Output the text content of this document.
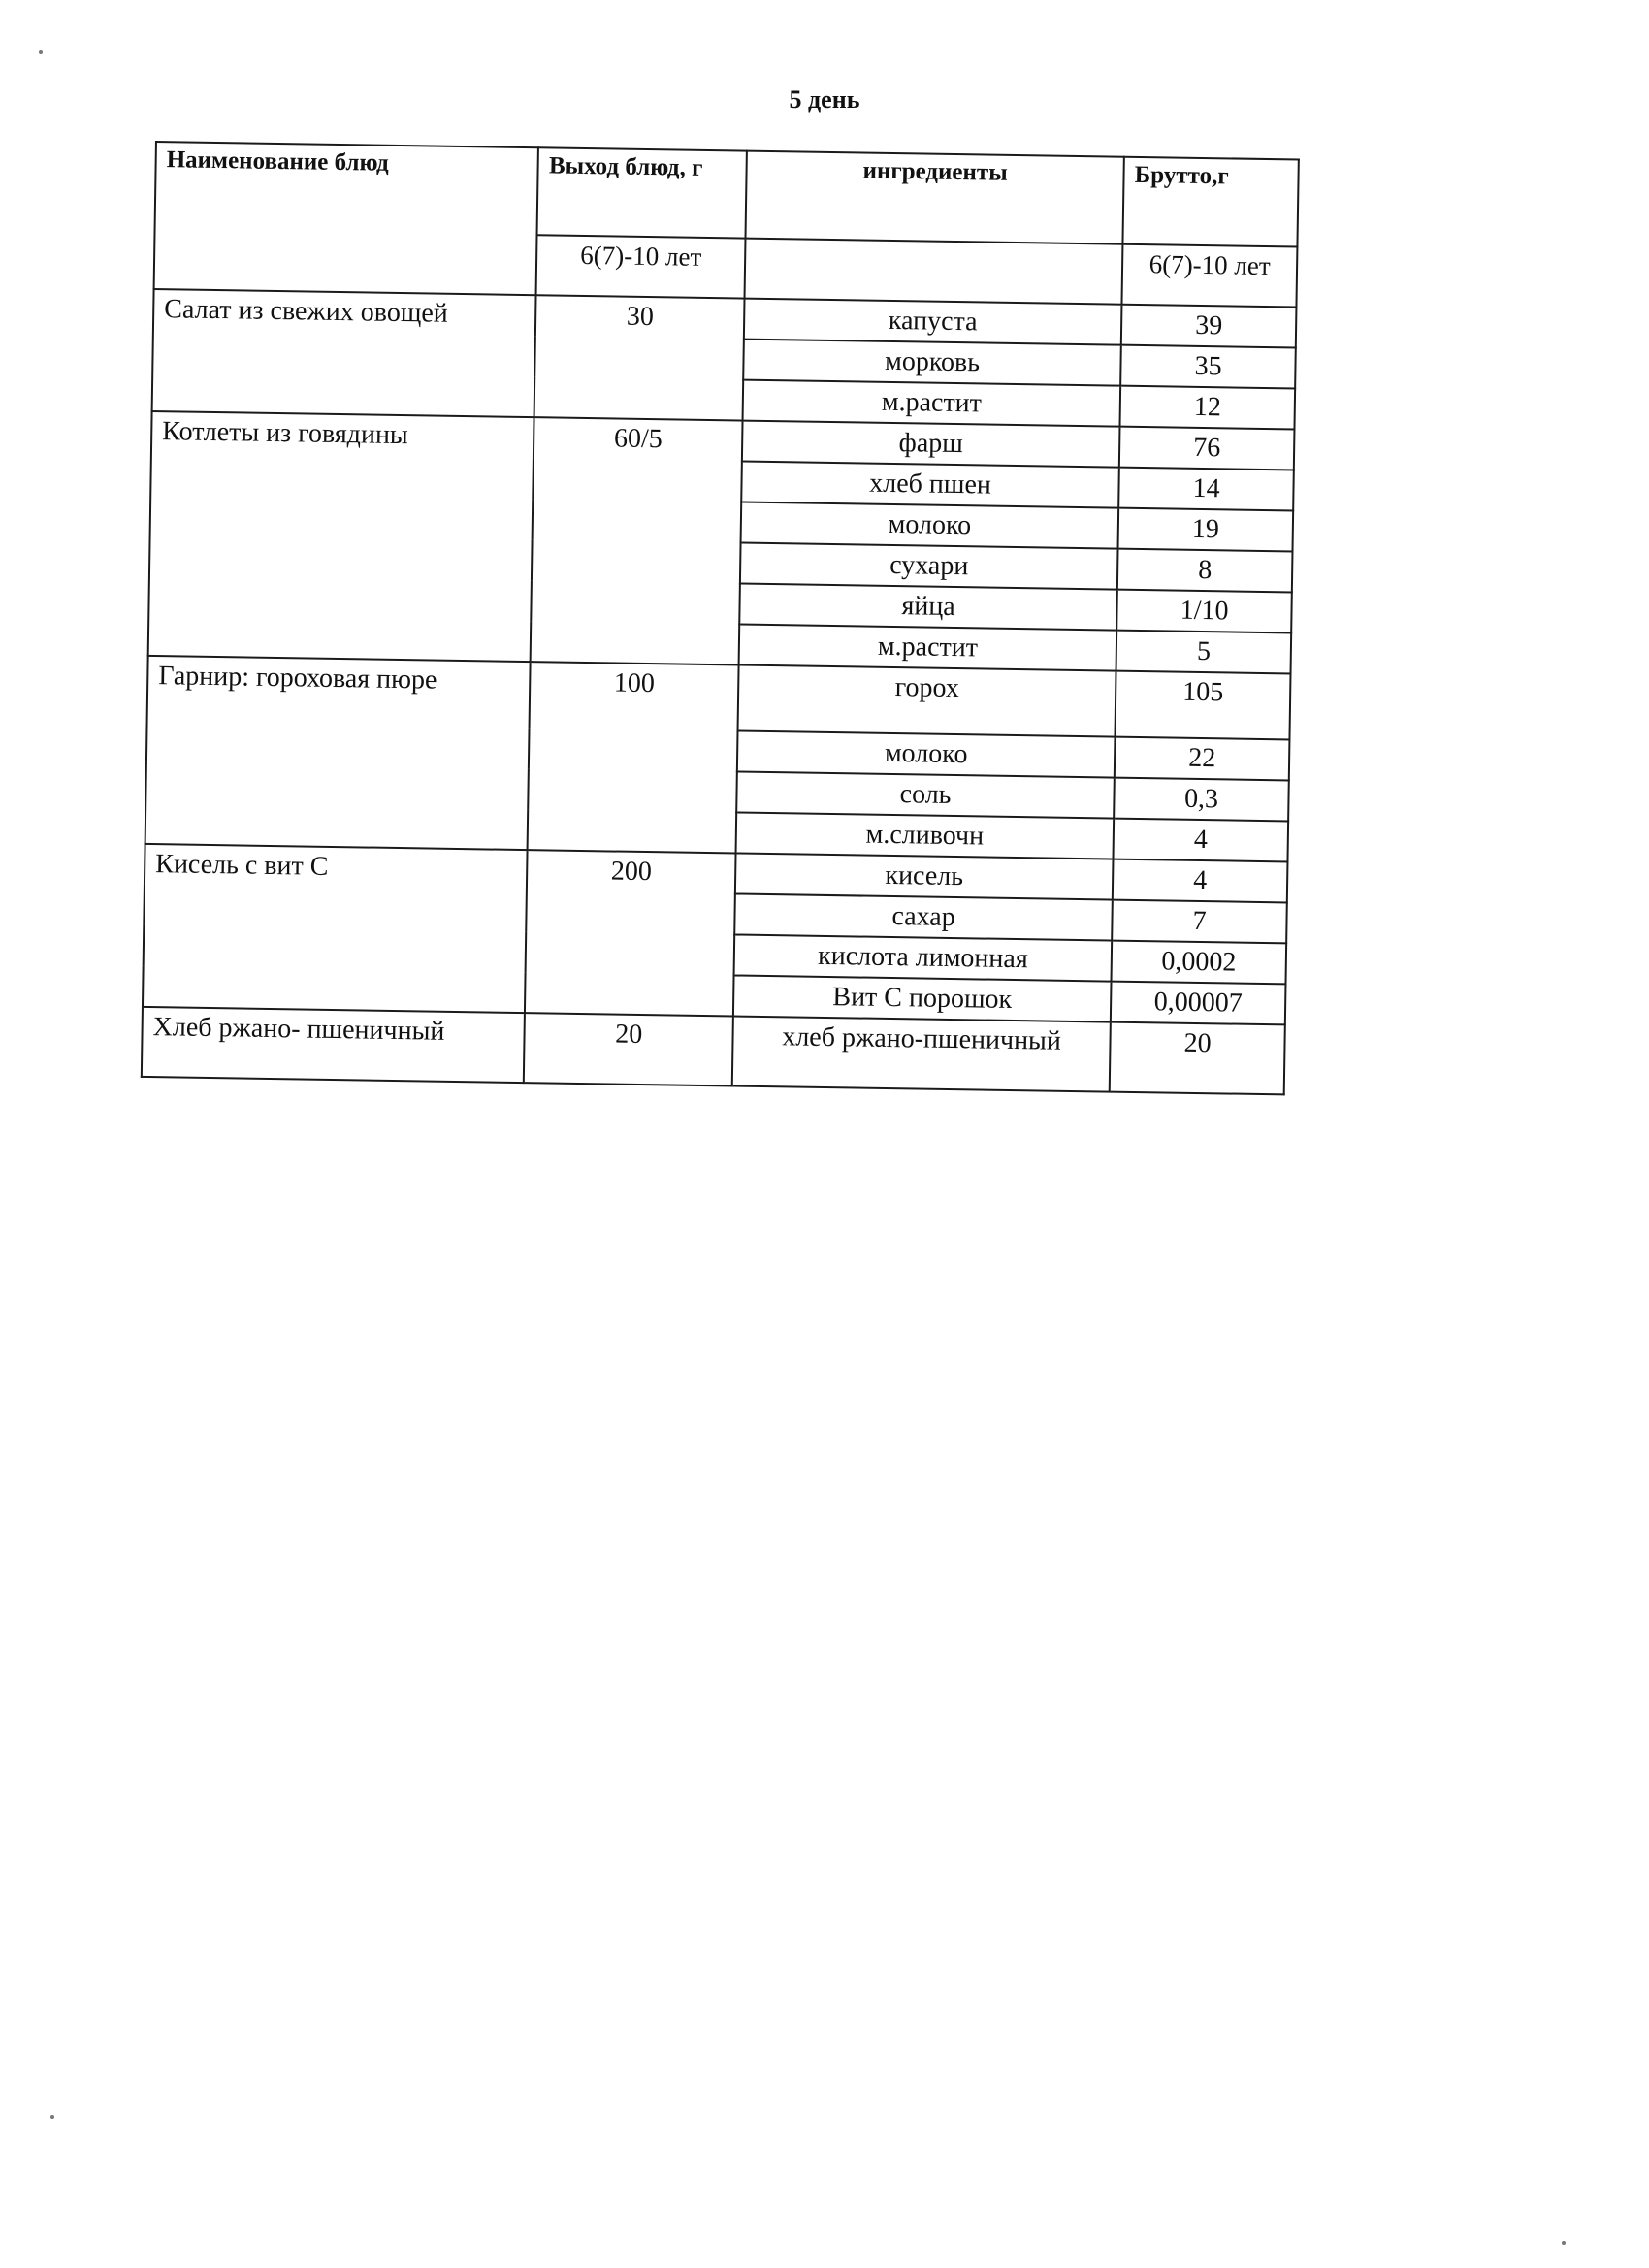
5 день
Наименование блюд	Выход блюд, г	ингредиенты	Брутто,г
	6(7)-10 лет		6(7)-10 лет
Салат из свежих овощей	30	капуста	39
		морковь	35
		м.растит	12
Котлеты из говядины	60/5	фарш	76
		хлеб пшен	14
		молоко	19
		сухари	8
		яйца	1/10
		м.растит	5
Гарнир: гороховая пюре	100	горох	105
		молоко	22
		соль	0,3
		м.сливочн	4
Кисель с вит С	200	кисель	4
		сахар	7
		кислота лимонная	0,0002
		Вит С порошок	0,00007
Хлеб ржано- пшеничный	20	хлеб ржано-пшеничный	20
